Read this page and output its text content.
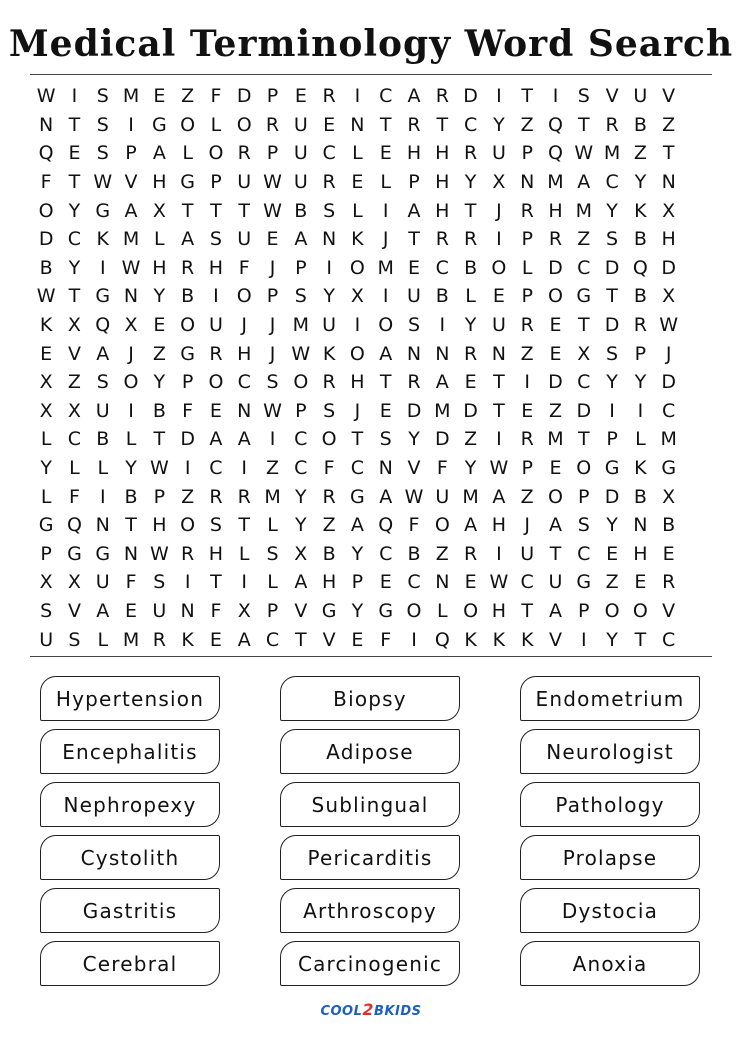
Medical Terminology Word Search
W I	S M E Z F D P E R I C A R D I	T	I	S V U V
N T S	I G O L O R U E N T R T C Y Z Q T R B Z
Q E S P A L O R P U C L E H H R U P Q W M Z T
F T W V H G P U W U R E L P H Y X N M A C Y N
O Y G A X T T T W B S L	I A H T	J R H M Y K X
D C K M L A S U E A N K	J	T R R I	P R Z S B H
B Y	I W H R H F	J	P	I O M E C B O L D C D Q D
W T G N Y B I O P S Y X I U B L E P O G T B X
K X Q X E O U J	J M U I O S	I	Y U R E T D R W
E V A	J Z G R H J W K O A N N R N Z E X S P	J
X Z S O Y P O C S O R H T R A E T	I D C Y Y D
X X U I B F E N W P S	J	E D M D T E Z D I	I C
L C B L T D A A	I C O T S Y D Z I R M T P L M
Y L L Y W I C I Z C F C N V F Y W P E O G K G
L F	I B P Z R R M Y R G A W U M A Z O P D B X
G Q N T H O S T L Y Z A Q F O A H J A S Y N B
P G G N W R H L S X B Y C B Z R I U T C E H E
X X U F S	I	T	I	L A H P E C N E W C U G Z E R
S V A E U N F X P V G Y G O L O H T A P O O V
U S L M R K E A C T V E F	I Q K K K V	I	Y T C
Hypertension	Biopsy	Endometrium
Encephalitis	Adipose	Neurologist
Nephropexy	Sublingual	Pathology
Cystolith	Pericarditis	Prolapse
Gastritis	Arthroscopy	Dystocia
Cerebral	Carcinogenic	Anoxia
COOL2BKIDS
